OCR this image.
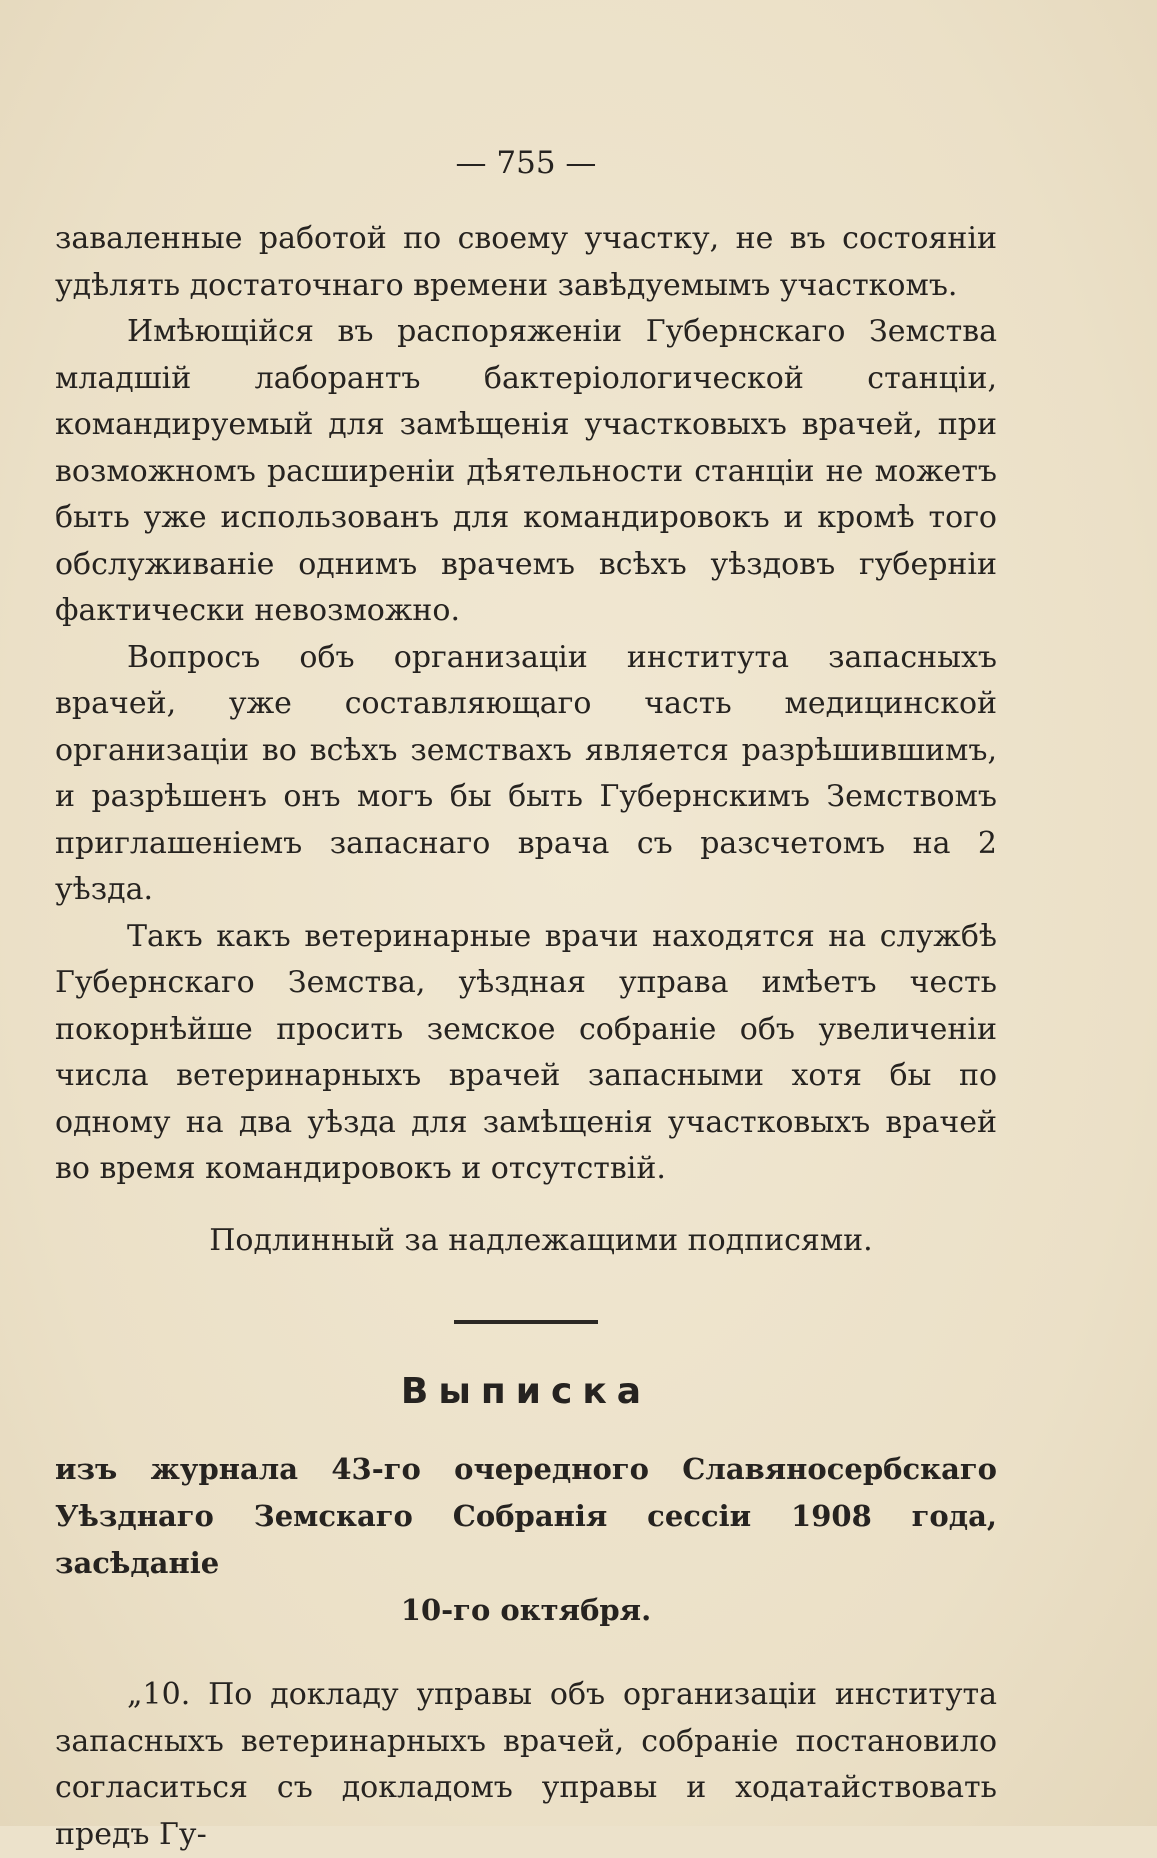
— 755 —

заваленные работой по своему участку, не въ состоянiи удѣлять достаточнаго времени завѣдуемымъ участкомъ.

Имѣющiйся въ распоряженiи Губернскаго Земства младшiй лаборантъ бактерiологической станцiи, командируемый для замѣщенiя участковыхъ врачей, при возможномъ расширенiи дѣятельности станцiи не можетъ быть уже использованъ для командировокъ и кромѣ того обслуживанiе однимъ врачемъ всѣхъ уѣздовъ губернiи фактически невозможно.

Вопросъ объ организацiи института запасныхъ врачей, уже составляющаго часть медицинской организацiи во всѣхъ земствахъ является разрѣшившимъ, и разрѣшенъ онъ могъ бы быть Губернскимъ Земствомъ приглашенiемъ запаснаго врача съ разсчетомъ на 2 уѣзда.

Такъ какъ ветеринарные врачи находятся на службѣ Губернскаго Земства, уѣздная управа имѣетъ честь покорнѣйше просить земское собранiе объ увеличенiи числа ветеринарныхъ врачей запасными хотя бы по одному на два уѣзда для замѣщенiя участковыхъ врачей во время командировокъ и отсутствiй.

Подлинный за надлежащими подписями.

Выписка
изъ журнала 43-го очередного Славяносербскаго Уѣзднаго Земскаго Собранiя сессiи 1908 года, засѣданiе
10-го октября.

„10. По докладу управы объ организацiи института запасныхъ ветеринарныхъ врачей, собранiе постановило согласиться съ докладомъ управы и ходатайствовать предъ Гу-
